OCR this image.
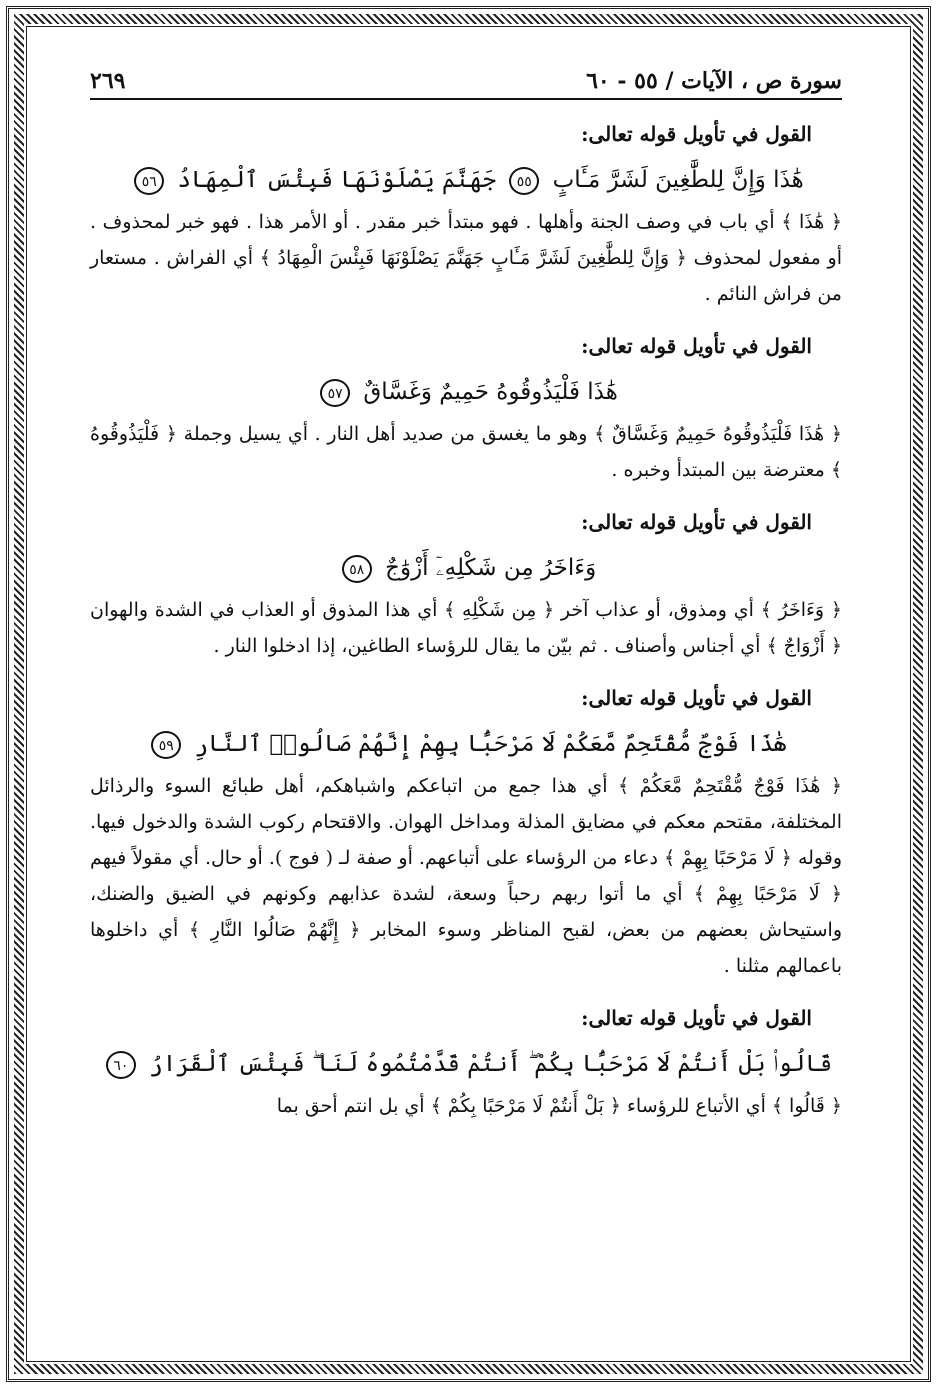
سورة ص ، الآيات / ٥٥ - ٦٠
٢٦٩
القول في تأويل قوله تعالى:
هَٰذَا وَإِنَّ لِلطَّٰغِينَ لَشَرَّ مَـَٔابٍ ٥٥ جَهَنَّمَ يَصْلَوْنَهَا فَبِئْسَ ٱلْمِهَادُ ٥٦

﴿ هَٰذَا ﴾ أي باب في وصف الجنة وأهلها . فهو مبتدأ خبر مقدر . أو الأمر هذا . فهو خبر لمحذوف . أو مفعول لمحذوف ﴿ وَإِنَّ لِلطَّٰغِينَ لَشَرَّ مَـَٔابٍ جَهَنَّمَ يَصْلَوْنَهَا فَبِئْسَ الْمِهَادُ ﴾ أي الفراش . مستعار من فراش النائم .

القول في تأويل قوله تعالى:
هَٰذَا فَلْيَذُوقُوهُ حَمِيمٌ وَغَسَّاقٌ ٥٧

﴿ هَٰذَا فَلْيَذُوقُوهُ حَمِيمٌ وَغَسَّاقٌ ﴾ وهو ما يغسق من صديد أهل النار . أي يسيل وجملة ﴿ فَلْيَذُوقُوهُ ﴾ معترضة بين المبتدأ وخبره .

القول في تأويل قوله تعالى:
وَءَاخَرُ مِن شَكْلِهِۦٓ أَزْوَٰجٌ ٥٨

﴿ وَءَاخَرُ ﴾ أي ومذوق، أو عذاب آخر ﴿ مِن شَكْلِهِ ﴾ أي هذا المذوق أو العذاب في الشدة والهوان ﴿ أَزْوَاجٌ ﴾ أي أجناس وأصناف . ثم بيّن ما يقال للرؤساء الطاغين، إذا ادخلوا النار .

القول في تأويل قوله تعالى:
هَٰذَا فَوْجٌ مُّقْتَحِمٌ مَّعَكُمْ لَا مَرْحَبًۢا بِهِمْ إِنَّهُمْ صَالُوا۟ ٱلنَّارِ ٥٩

﴿ هَٰذَا فَوْجٌ مُّقْتَحِمٌ مَّعَكُمْ ﴾ أي هذا جمع من اتباعكم واشباهكم، أهل طبائع السوء والرذائل المختلفة، مقتحم معكم في مضايق المذلة ومداخل الهوان. والاقتحام ركوب الشدة والدخول فيها. وقوله ﴿ لَا مَرْحَبًا بِهِمْ ﴾ دعاء من الرؤساء على أتباعهم. أو صفة لـ ( فوج ). أو حال. أي مقولاً فيهم ﴿ لَا مَرْحَبًا بِهِمْ ﴾ أي ما أتوا ربهم رحباً وسعة، لشدة عذابهم وكونهم في الضيق والضنك، واستيحاش بعضهم من بعض، لقبح المناظر وسوء المخابر ﴿ إِنَّهُمْ صَالُوا النَّارِ ﴾ أي داخلوها باعمالهم مثلنا .

القول في تأويل قوله تعالى:
قَالُوا۟ بَلْ أَنتُمْ لَا مَرْحَبًۢا بِكُمْ ۖ أَنتُمْ قَدَّمْتُمُوهُ لَنَا ۖ فَبِئْسَ ٱلْقَرَارُ ٦٠

﴿ قَالُوا ﴾ أي الأتباع للرؤساء ﴿ بَلْ أَنتُمْ لَا مَرْحَبًا بِكُمْ ﴾ أي بل انتم أحق بما
